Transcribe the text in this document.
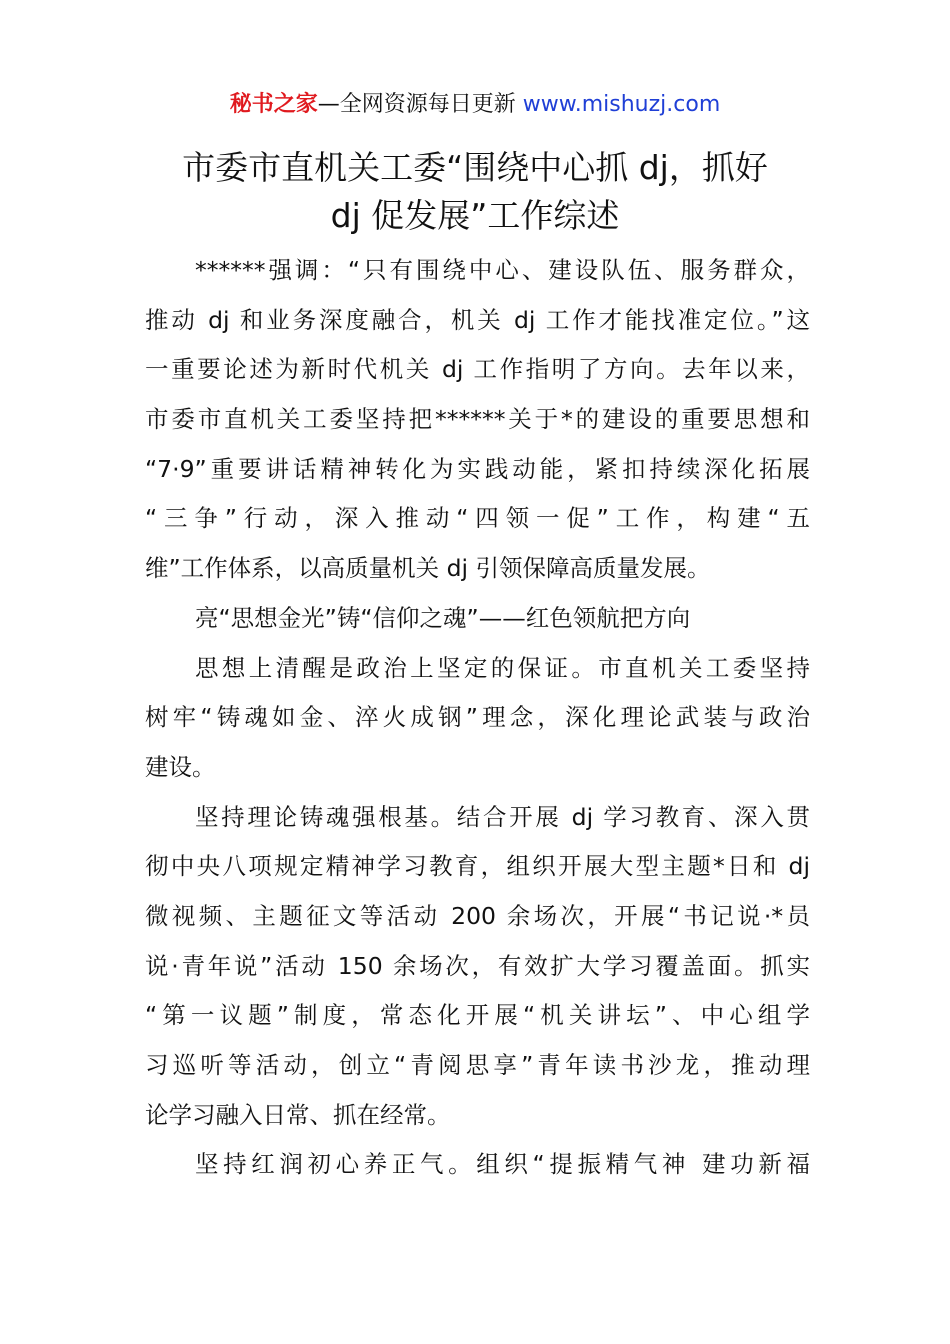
秘书之家—全网资源每日更新 www.mishuzj.com
市委市直机关工委“围绕中心抓 dj，抓好
dj 促发展”工作综述
******强调：“只有围绕中心、建设队伍、服务群众，
推动 dj 和业务深度融合，机关 dj 工作才能找准定位。”这
一重要论述为新时代机关 dj 工作指明了方向。去年以来，
市委市直机关工委坚持把******关于*的建设的重要思想和
“7·9”重要讲话精神转化为实践动能，紧扣持续深化拓展
“三争”行动，深入推动“四领一促”工作，构建“五
维”工作体系，以高质量机关 dj 引领保障高质量发展。
亮“思想金光”铸“信仰之魂”——红色领航把方向
思想上清醒是政治上坚定的保证。市直机关工委坚持
树牢“铸魂如金、淬火成钢”理念，深化理论武装与政治
建设。
坚持理论铸魂强根基。结合开展 dj 学习教育、深入贯
彻中央八项规定精神学习教育，组织开展大型主题*日和 dj
微视频、主题征文等活动 200 余场次，开展“书记说·*员
说·青年说”活动 150 余场次，有效扩大学习覆盖面。抓实
“第一议题”制度，常态化开展“机关讲坛”、中心组学
习巡听等活动，创立“青阅思享”青年读书沙龙，推动理
论学习融入日常、抓在经常。
坚持红润初心养正气。组织“提振精气神 建功新福
